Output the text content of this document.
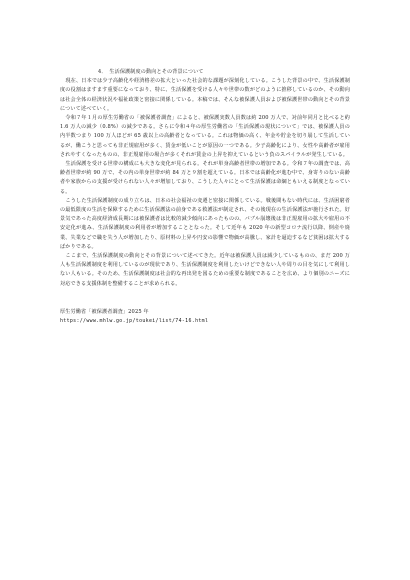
4．　生活保護制度の動向とその背景について

現在、日本では少子高齢化や経済格差の拡大といった社会的な課題が深刻化している。こうした背景の中で、生活保護制度の役割はますます重要になっており、特に、生活保護を受ける人々や世帯の数がどのように推移しているのか、その動向は社会全体の経済状況や福祉政策と密接に関係している。本稿では、そんな被保護人員および被保護世帯の動向とその背景について述べていく。

令和７年１月の厚生労働省の「被保護者調査」によると、被保護実数人員数は約 200 万人で、対前年同月と比べると約 1.6 万人の減少（0.8%）の減少である。さらに令和４年の厚生労働省の「生活保護の現状について」では、被保護人員の内半数つまり 100 万人ほどが 65 歳以上の高齢者となっている。これは物価の高く、年金や貯金を切り崩して生活しているが、働こうと思っても非正規雇用が多く、賃金が低いことが原因の一つである。少子高齢化により、女性や高齢者が雇用されやすくなったものの、非正規雇用の場合が多くそれが賃金の上昇を抑えているという負のスパイラルが発生している。

生活保護を受ける世帯の構成にも大きな変化が見られる。それが単身高齢者世帯の増加である。令和７年の調査では、高齢者世帯が約 90 万で、その内の単身世帯が約 84 万と９割を超えている。日本では高齢化が進む中で、身寄りのない高齢者や家族からの支援が受けられない人々が増加しており、こうした人々にとって生活保護は命綱ともいえる制度となっている。

こうした生活保護制度の成り立ちは、日本の社会福祉の変遷と密接に関係している。戦後間もない時代には、生活困窮者の最低限度の生活を保障するために生活保護法の前身である救護法が制定され、その後現在の生活保護法が施行された。好景気であった高度経済成長期には被保護者は比較的減少傾向にあったものの、バブル崩壊後は非正規雇用の拡大や雇用の不安定化が進み、生活保護制度の利用者が増加することとなった。そして近年も 2020 年の新型コロナ流行以降、倒産や廃業、失業などで職を失う人が増加したり、原材料の上昇や円安の影響で物価が高騰し、家計を逼迫するなど貧困は拡大するばかりである。

ここまで、生活保護制度の動向とその背景について述べてきた。近年は被保護人員は減少しているものの、まだ 200 万人も生活保護制度を利用しているのが現状であり、生活保護制度を利用したいけどできない人や周りの目を気にして利用しない人もいる。そのため、生活保護制度は社会的な再出発を図るための重要な制度であることを広め、より個別のニーズに対応できる支援体制を整備することが求められる。

厚生労働省「被保護者調査」2025 年

https://www.mhlw.go.jp/toukei/list/74-16.html
